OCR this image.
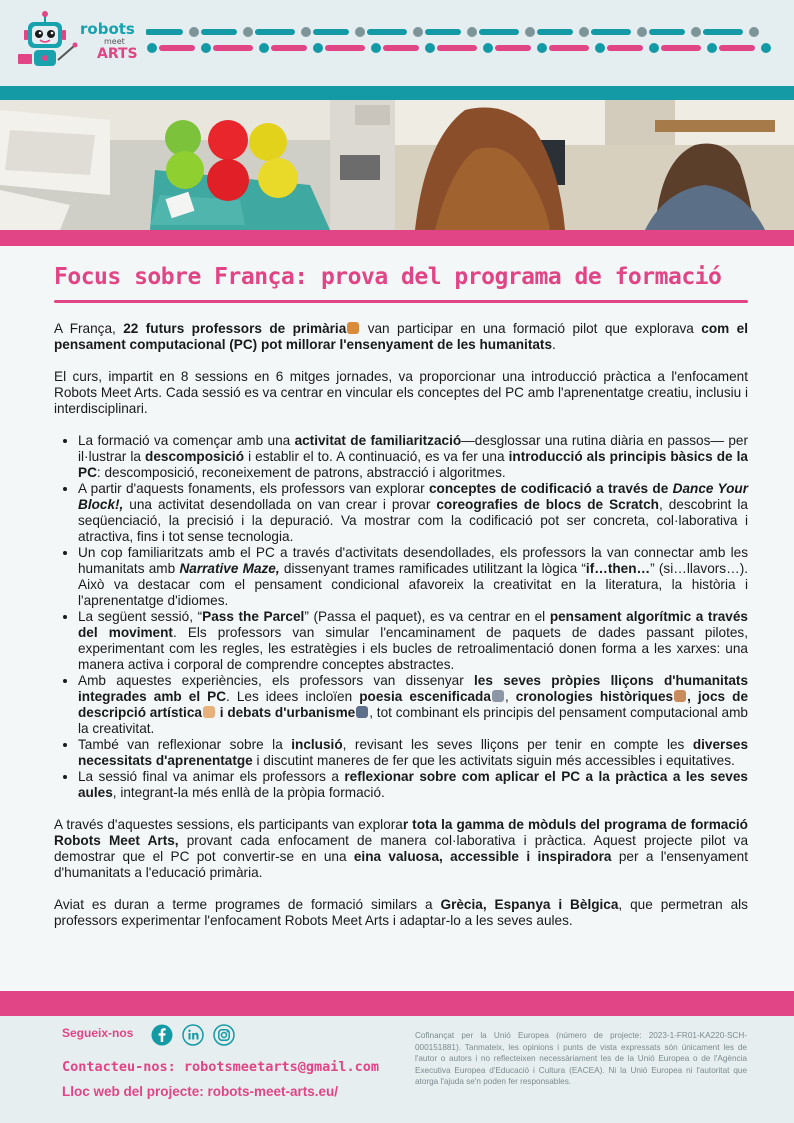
robots
meet
ARTS
Focus sobre França: prova del programa de formació

A França, 22 futurs professors de primària van participar en una formació pilot que explorava com el pensament computacional (PC) pot millorar l'ensenyament de les humanitats.

El curs, impartit en 8 sessions en 6 mitges jornades, va proporcionar una introducció pràctica a l'enfocament Robots Meet Arts. Cada sessió es va centrar en vincular els conceptes del PC amb l'aprenentatge creatiu, inclusiu i interdisciplinari.

• La formació va començar amb una activitat de familiarització—desglossar una rutina diària en passos— per il·lustrar la descomposició i establir el to. A continuació, es va fer una introducció als principis bàsics de la PC: descomposició, reconeixement de patrons, abstracció i algoritmes.
• A partir d'aquests fonaments, els professors van explorar conceptes de codificació a través de Dance Your Block!, una activitat desendollada on van crear i provar coreografies de blocs de Scratch, descobrint la seqüenciació, la precisió i la depuració. Va mostrar com la codificació pot ser concreta, col·laborativa i atractiva, fins i tot sense tecnologia.
• Un cop familiaritzats amb el PC a través d'activitats desendollades, els professors la van connectar amb les humanitats amb Narrative Maze, dissenyant trames ramificades utilitzant la lògica “if…then…” (si…llavors…). Això va destacar com el pensament condicional afavoreix la creativitat en la literatura, la història i l'aprenentatge d'idiomes.
• La següent sessió, “Pass the Parcel” (Passa el paquet), es va centrar en el pensament algorítmic a través del moviment. Els professors van simular l'encaminament de paquets de dades passant pilotes, experimentant com les regles, les estratègies i els bucles de retroalimentació donen forma a les xarxes: una manera activa i corporal de comprendre conceptes abstractes.
• Amb aquestes experiències, els professors van dissenyar les seves pròpies lliçons d'humanitats integrades amb el PC. Les idees incloïen poesia escenificada , cronologies històriques , jocs de descripció artística i debats d'urbanisme , tot combinant els principis del pensament computacional amb la creativitat.
• També van reflexionar sobre la inclusió, revisant les seves lliçons per tenir en compte les diverses necessitats d'aprenentatge i discutint maneres de fer que les activitats siguin més accessibles i equitatives.
• La sessió final va animar els professors a reflexionar sobre com aplicar el PC a la pràctica a les seves aules, integrant-la més enllà de la pròpia formació.

A través d'aquestes sessions, els participants van explorar tota la gamma de mòduls del programa de formació Robots Meet Arts, provant cada enfocament de manera col·laborativa i pràctica. Aquest projecte pilot va demostrar que el PC pot convertir-se en una eina valuosa, accessible i inspiradora per a l'ensenyament d'humanitats a l'educació primària.

Aviat es duran a terme programes de formació similars a Grècia, Espanya i Bèlgica, que permetran als professors experimentar l'enfocament Robots Meet Arts i adaptar-lo a les seves aules.

Segueix-nos
Contacteu-nos: robotsmeetarts@gmail.com
Lloc web del projecte: robots-meet-arts.eu/
Cofinançat per la Unió Europea (número de projecte: 2023-1-FR01-KA220-SCH-000151881). Tanmateix, les opinions i punts de vista expressats són únicament les de l'autor o autors i no reflecteixen necessàriament les de la Unió Europea o de l'Agència Executiva Europea d'Educació i Cultura (EACEA). Ni la Unió Europea ni l'autoritat que atorga l'ajuda se'n poden fer responsables.
